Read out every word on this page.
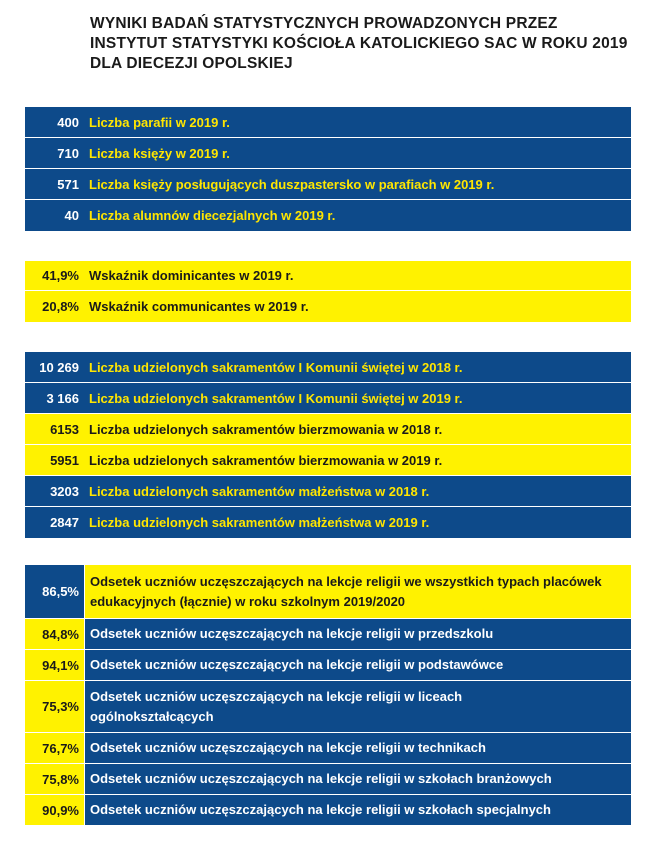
WYNIKI BADAŃ STATYSTYCZNYCH PROWADZONYCH PRZEZ
INSTYTUT STATYSTYKI KOŚCIOŁA KATOLICKIEGO SAC W ROKU 2019
DLA DIECEZJI OPOLSKIEJ
400 Liczba parafii w 2019 r.
710 Liczba księży w 2019 r.
571 Liczba księży posługujących duszpastersko w parafiach w 2019 r.
40 Liczba alumnów diecezjalnych w 2019 r.
41,9% Wskaźnik dominicantes w 2019 r.
20,8% Wskaźnik communicantes w 2019 r.
10 269 Liczba udzielonych sakramentów I Komunii świętej w 2018 r.
3 166 Liczba udzielonych sakramentów I Komunii świętej w 2019 r.
6153 Liczba udzielonych sakramentów bierzmowania w 2018 r.
5951 Liczba udzielonych sakramentów bierzmowania w 2019 r.
3203 Liczba udzielonych sakramentów małżeństwa w 2018 r.
2847 Liczba udzielonych sakramentów małżeństwa w 2019 r.
86,5%
Odsetek uczniów uczęszczających na lekcje religii we wszystkich typach placówek edukacyjnych (łącznie) w roku szkolnym 2019/2020
84,8% Odsetek uczniów uczęszczających na lekcje religii w przedszkolu
94,1% Odsetek uczniów uczęszczających na lekcje religii w podstawówce
75,3%
Odsetek uczniów uczęszczających na lekcje religii w liceach ogólnokształcących
76,7% Odsetek uczniów uczęszczających na lekcje religii w technikach
75,8% Odsetek uczniów uczęszczających na lekcje religii w szkołach branżowych
90,9% Odsetek uczniów uczęszczających na lekcje religii w szkołach specjalnych
